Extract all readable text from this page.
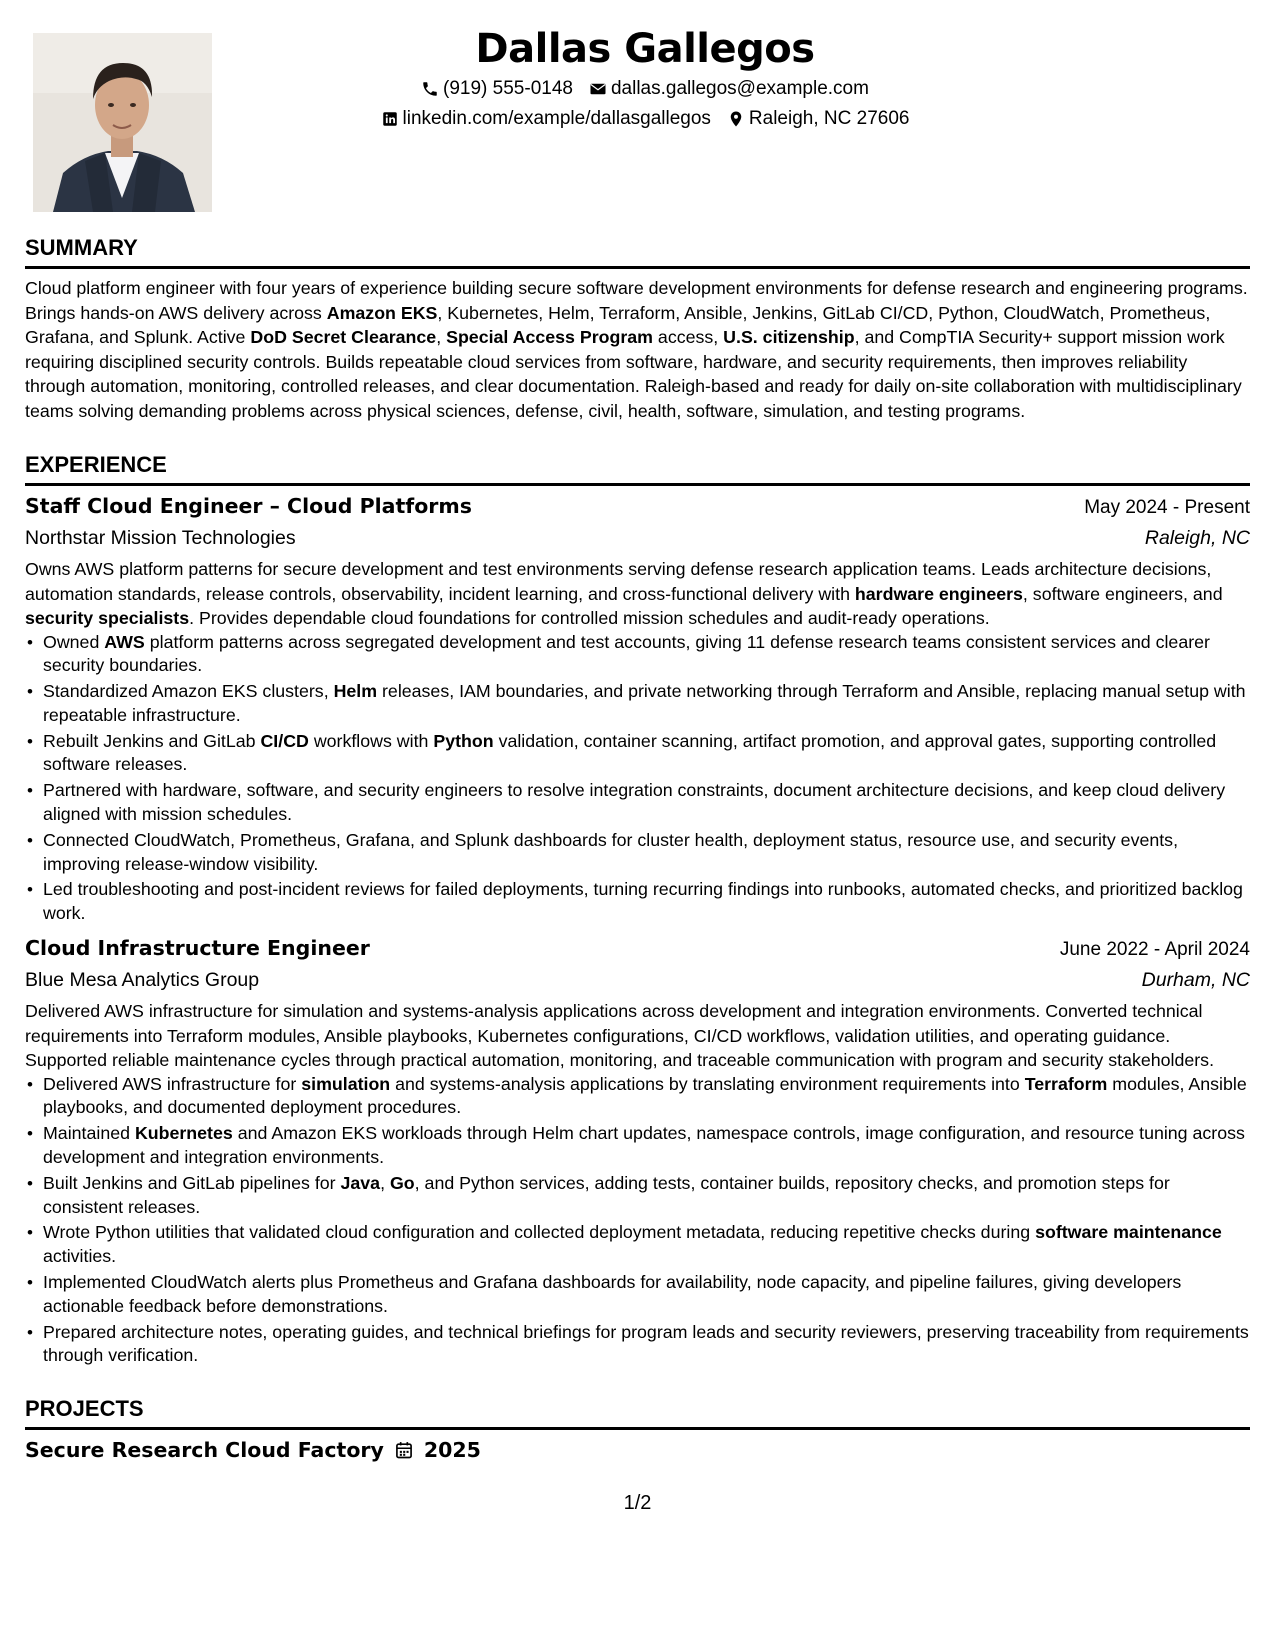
Dallas Gallegos
(919) 555-0148 dallas.gallegos@example.com
linkedin.com/example/dallasgallegos Raleigh, NC 27606
SUMMARY

Cloud platform engineer with four years of experience building secure software development environments for defense research and engineering programs. Brings hands-on AWS delivery across Amazon EKS, Kubernetes, Helm, Terraform, Ansible, Jenkins, GitLab CI/CD, Python, CloudWatch, Prometheus, Grafana, and Splunk. Active DoD Secret Clearance, Special Access Program access, U.S. citizenship, and CompTIA Security+ support mission work requiring disciplined security controls. Builds repeatable cloud services from software, hardware, and security requirements, then improves reliability through automation, monitoring, controlled releases, and clear documentation. Raleigh-based and ready for daily on-site collaboration with multidisciplinary teams solving demanding problems across physical sciences, defense, civil, health, software, simulation, and testing programs.

EXPERIENCE
Staff Cloud Engineer – Cloud Platforms	May 2024 - Present
Northstar Mission Technologies	Raleigh, NC

Owns AWS platform patterns for secure development and test environments serving defense research application teams. Leads architecture decisions, automation standards, release controls, observability, incident learning, and cross-functional delivery with hardware engineers, software engineers, and security specialists. Provides dependable cloud foundations for controlled mission schedules and audit-ready operations.

• Owned AWS platform patterns across segregated development and test accounts, giving 11 defense research teams consistent services and clearer security boundaries.
• Standardized Amazon EKS clusters, Helm releases, IAM boundaries, and private networking through Terraform and Ansible, replacing manual setup with repeatable infrastructure.
• Rebuilt Jenkins and GitLab CI/CD workflows with Python validation, container scanning, artifact promotion, and approval gates, supporting controlled software releases.
• Partnered with hardware, software, and security engineers to resolve integration constraints, document architecture decisions, and keep cloud delivery aligned with mission schedules.
• Connected CloudWatch, Prometheus, Grafana, and Splunk dashboards for cluster health, deployment status, resource use, and security events, improving release-window visibility.
• Led troubleshooting and post-incident reviews for failed deployments, turning recurring findings into runbooks, automated checks, and prioritized backlog work.
Cloud Infrastructure Engineer	June 2022 - April 2024
Blue Mesa Analytics Group	Durham, NC

Delivered AWS infrastructure for simulation and systems-analysis applications across development and integration environments. Converted technical requirements into Terraform modules, Ansible playbooks, Kubernetes configurations, CI/CD workflows, validation utilities, and operating guidance. Supported reliable maintenance cycles through practical automation, monitoring, and traceable communication with program and security stakeholders.

• Delivered AWS infrastructure for simulation and systems-analysis applications by translating environment requirements into Terraform modules, Ansible playbooks, and documented deployment procedures.
• Maintained Kubernetes and Amazon EKS workloads through Helm chart updates, namespace controls, image configuration, and resource tuning across development and integration environments.
• Built Jenkins and GitLab pipelines for Java, Go, and Python services, adding tests, container builds, repository checks, and promotion steps for consistent releases.
• Wrote Python utilities that validated cloud configuration and collected deployment metadata, reducing repetitive checks during software maintenance activities.
• Implemented CloudWatch alerts plus Prometheus and Grafana dashboards for availability, node capacity, and pipeline failures, giving developers actionable feedback before demonstrations.
• Prepared architecture notes, operating guides, and technical briefings for program leads and security reviewers, preserving traceability from requirements through verification.
PROJECTS
Secure Research Cloud Factory 2025
1/2
